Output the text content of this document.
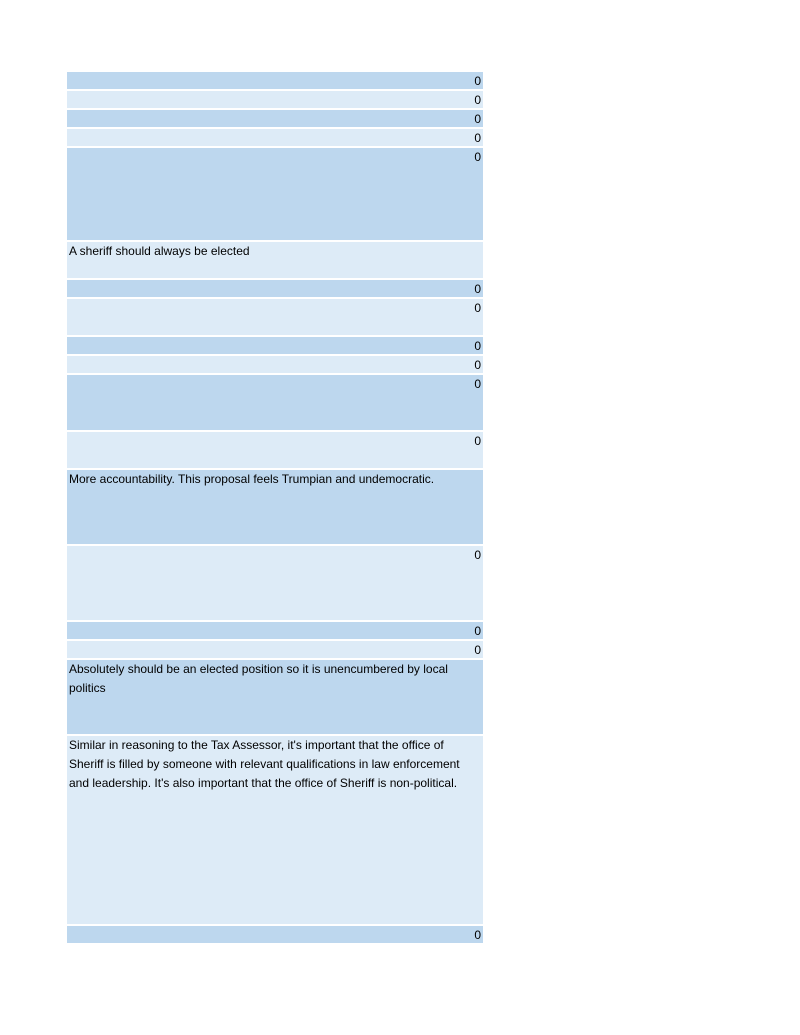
0
0
0
0
0
A sheriff should always be elected
0
0
0
0
0
0
More accountability. This proposal feels Trumpian and undemocratic.
0
0
0
Absolutely should be an elected position so it is unencumbered by local politics
Similar in reasoning to the Tax Assessor, it's important that the office of Sheriff is filled by someone with relevant qualifications in law enforcement and leadership. It's also important that the office of Sheriff is non-political.
0
